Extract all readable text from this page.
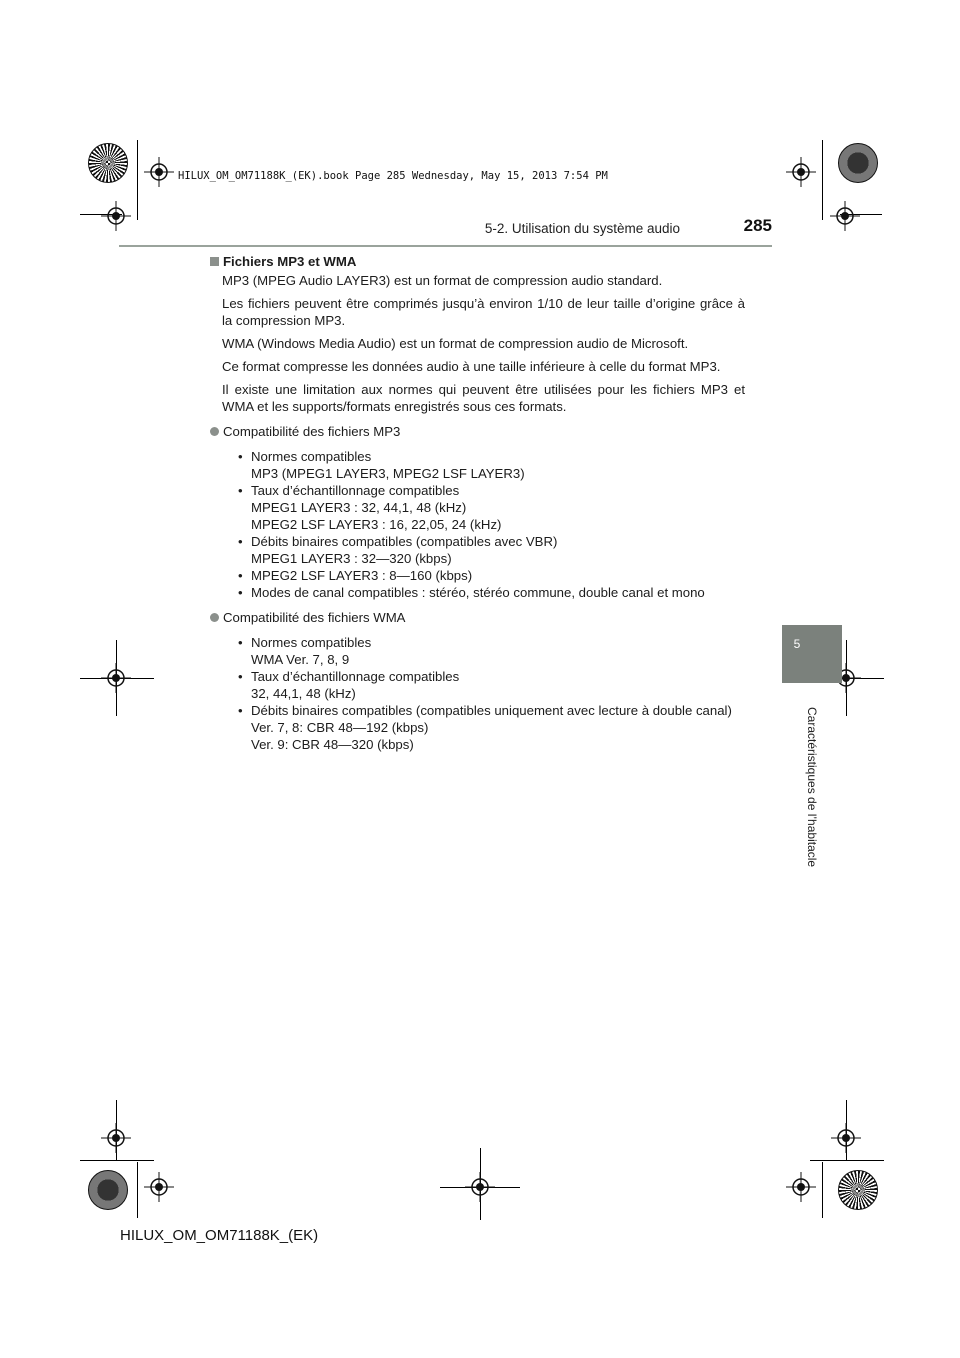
HILUX_OM_OM71188K_(EK).book Page 285 Wednesday, May 15, 2013 7:54 PM
5-2. Utilisation du système audio	285
5
Caractéristiques de l’habitacle
Fichiers MP3 et WMA
MP3 (MPEG Audio LAYER3) est un format de compression audio standard.
Les fichiers peuvent être comprimés jusqu’à environ 1/10 de leur taille d’origine grâce à la compression MP3.
WMA (Windows Media Audio) est un format de compression audio de Microsoft.
Ce format compresse les données audio à une taille inférieure à celle du format MP3.
Il existe une limitation aux normes qui peuvent être utilisées pour les fichiers MP3 et WMA et les supports/formats enregistrés sous ces formats.
Compatibilité des fichiers MP3
• Normes compatibles
MP3 (MPEG1 LAYER3, MPEG2 LSF LAYER3)
• Taux d’échantillonnage compatibles
MPEG1 LAYER3 : 32, 44,1, 48 (kHz)
MPEG2 LSF LAYER3 : 16, 22,05, 24 (kHz)
• Débits binaires compatibles (compatibles avec VBR)
MPEG1 LAYER3 : 32—320 (kbps)
• MPEG2 LSF LAYER3 : 8—160 (kbps)
• Modes de canal compatibles : stéréo, stéréo commune, double canal et mono
Compatibilité des fichiers WMA
• Normes compatibles
WMA Ver. 7, 8, 9
• Taux d’échantillonnage compatibles
32, 44,1, 48 (kHz)
• Débits binaires compatibles (compatibles uniquement avec lecture à double canal)
Ver. 7, 8: CBR 48—192 (kbps)
Ver. 9: CBR 48—320 (kbps)
HILUX_OM_OM71188K_(EK)
